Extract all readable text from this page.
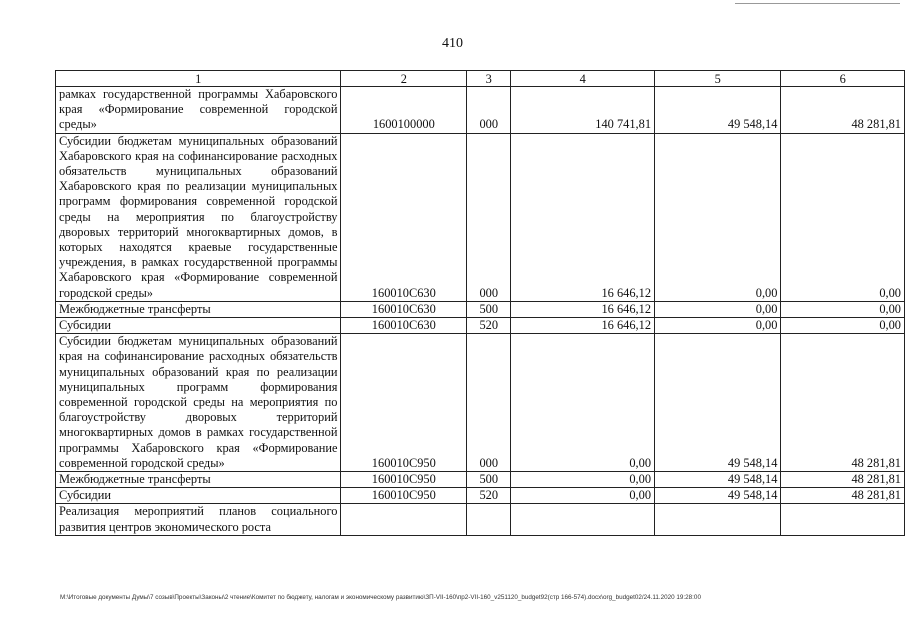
410
1	2	3	4	5	6
рамках государственной программы Хабаровского края «Формирование современной городской среды»	1600100000	000	140 741,81	49 548,14	48 281,81
Субсидии бюджетам муниципальных образований Хабаровского края на софинансирование расходных обязательств муниципальных образований Хабаровского края по реализации муниципальных программ формирования современной городской среды на мероприятия по благоустройству дворовых территорий многоквартирных домов, в которых находятся краевые государственные учреждения, в рамках государственной программы Хабаровского края «Формирование современной городской среды»	160010С630	000	16 646,12	0,00	0,00
Межбюджетные трансферты	160010С630	500	16 646,12	0,00	0,00
Субсидии	160010С630	520	16 646,12	0,00	0,00
Субсидии бюджетам муниципальных образований края на софинансирование расходных обязательств муниципальных образований края по реализации муниципальных программ формирования современной городской среды на мероприятия по благоустройству дворовых территорий многоквартирных домов в рамках государственной программы Хабаровского края «Формирование современной городской среды»	160010С950	000	0,00	49 548,14	48 281,81
Межбюджетные трансферты	160010С950	500	0,00	49 548,14	48 281,81
Субсидии	160010С950	520	0,00	49 548,14	48 281,81
Реализация мероприятий планов социального развития центров экономического роста					
M:\Итоговые документы Думы\7 созыв\Проекты\Законы\2 чтение\Комитет по бюджету, налогам и экономическому развитию\ЗП-VII-160\пр2-VII-160_v251120_budget92(стр 166-574).docx\org_budget02/24.11.2020 19:28:00
